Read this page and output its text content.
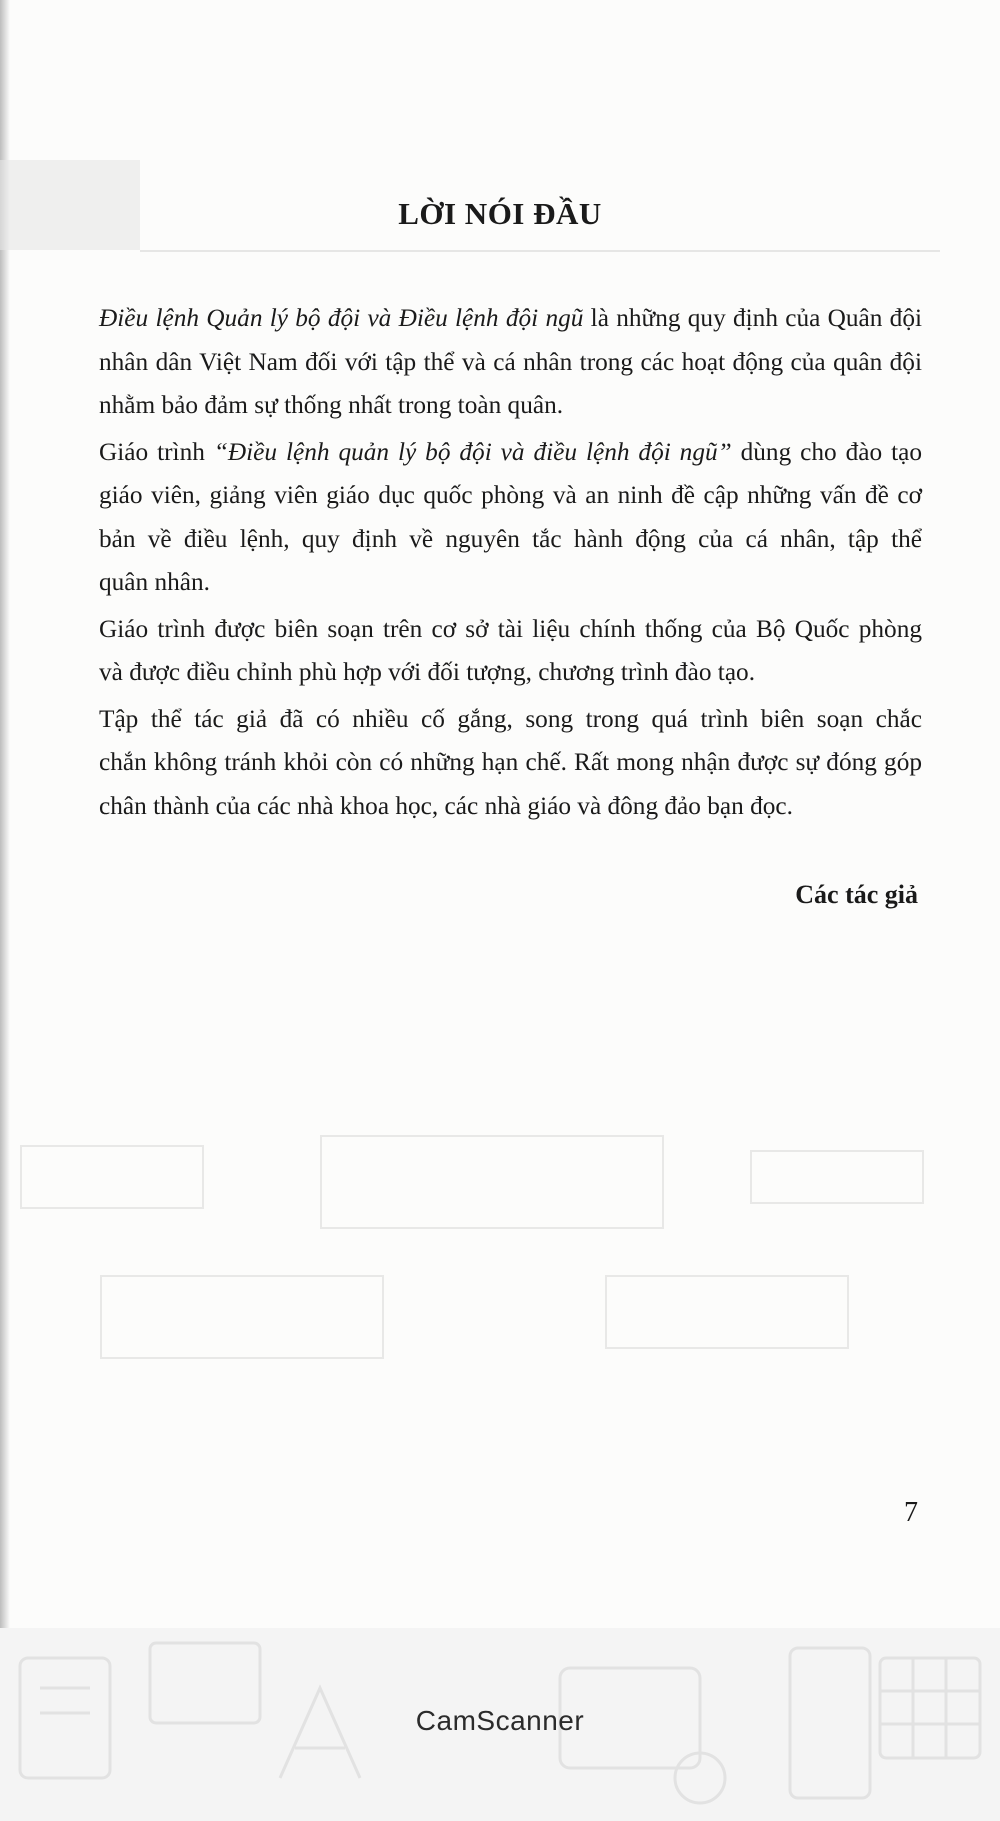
LỜI NÓI ĐẦU

Điều lệnh Quản lý bộ đội và Điều lệnh đội ngũ là những quy định của Quân đội
nhân dân Việt Nam đối với tập thể và cá nhân trong các hoạt động của quân đội
nhằm bảo đảm sự thống nhất trong toàn quân.

Giáo trình “Điều lệnh quản lý bộ đội và điều lệnh đội ngũ” dùng cho đào tạo
giáo viên, giảng viên giáo dục quốc phòng và an ninh đề cập những vấn đề cơ
bản về điều lệnh, quy định về nguyên tắc hành động của cá nhân, tập thể
quân nhân.

Giáo trình được biên soạn trên cơ sở tài liệu chính thống của Bộ Quốc phòng
và được điều chỉnh phù hợp với đối tượng, chương trình đào tạo.

Tập thể tác giả đã có nhiều cố gắng, song trong quá trình biên soạn chắc
chắn không tránh khỏi còn có những hạn chế. Rất mong nhận được sự đóng góp
chân thành của các nhà khoa học, các nhà giáo và đông đảo bạn đọc.

Các tác giả
7
CamScanner
